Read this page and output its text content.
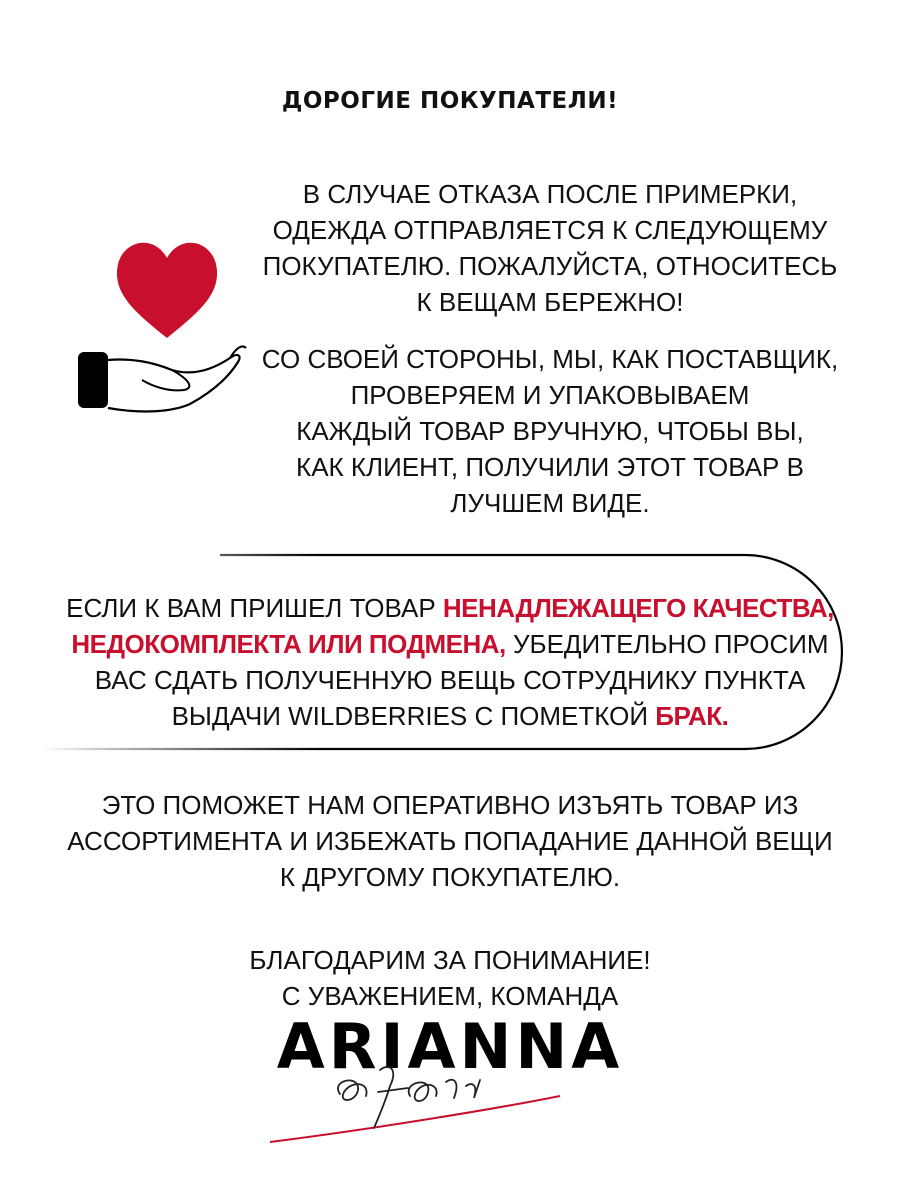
ДОРОГИЕ ПОКУПАТЕЛИ!
В СЛУЧАЕ ОТКАЗА ПОСЛЕ ПРИМЕРКИ,
ОДЕЖДА ОТПРАВЛЯЕТСЯ К СЛЕДУЮЩЕМУ
ПОКУПАТЕЛЮ. ПОЖАЛУЙСТА, ОТНОСИТЕСЬ
К ВЕЩАМ БЕРЕЖНО!
СО СВОЕЙ СТОРОНЫ, МЫ, КАК ПОСТАВЩИК,
ПРОВЕРЯЕМ И УПАКОВЫВАЕМ
КАЖДЫЙ ТОВАР ВРУЧНУЮ, ЧТОБЫ ВЫ,
КАК КЛИЕНТ, ПОЛУЧИЛИ ЭТОТ ТОВАР В
ЛУЧШЕМ ВИДЕ.
ЕСЛИ К ВАМ ПРИШЕЛ ТОВАР НЕНАДЛЕЖАЩЕГО КАЧЕСТВА,
НЕДОКОМПЛЕКТА ИЛИ ПОДМЕНА, УБЕДИТЕЛЬНО ПРОСИМ
ВАС СДАТЬ ПОЛУЧЕННУЮ ВЕЩЬ СОТРУДНИКУ ПУНКТА
ВЫДАЧИ WILDBERRIES С ПОМЕТКОЙ БРАК.
ЭТО ПОМОЖЕТ НАМ ОПЕРАТИВНО ИЗЪЯТЬ ТОВАР ИЗ
АССОРТИМЕНТА И ИЗБЕЖАТЬ ПОПАДАНИЕ ДАННОЙ ВЕЩИ
К ДРУГОМУ ПОКУПАТЕЛЮ.
БЛАГОДАРИМ ЗА ПОНИМАНИЕ!
С УВАЖЕНИЕМ, КОМАНДА
ARIANNA
